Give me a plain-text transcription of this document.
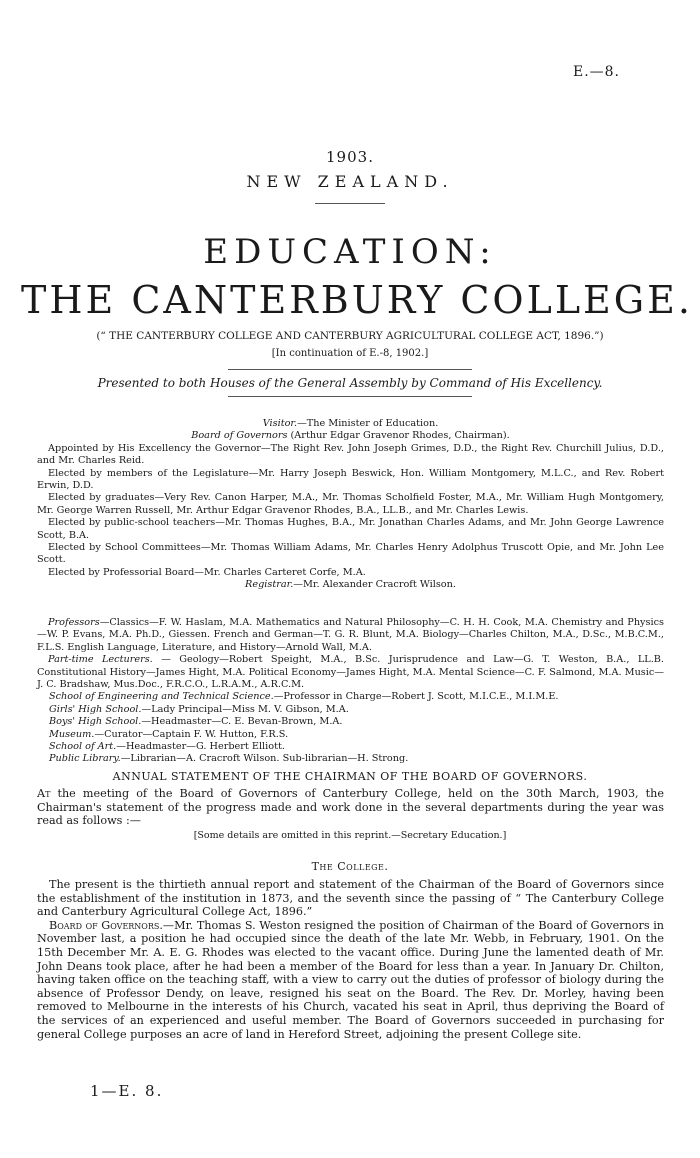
E.—8.
1903.
NEW ZEALAND.
EDUCATION:
THE CANTERBURY COLLEGE.
(“ THE CANTERBURY COLLEGE AND CANTERBURY AGRICULTURAL COLLEGE ACT, 1896.”)
[In continuation of E.-8, 1902.]
Presented to both Houses of the General Assembly by Command of His Excellency.

Visitor.—The Minister of Education.

Board of Governors (Arthur Edgar Gravenor Rhodes, Chairman).

Appointed by His Excellency the Governor—The Right Rev. John Joseph Grimes, D.D., the Right Rev. Churchill Julius, D.D., and Mr. Charles Reid.

Elected by members of the Legislature—Mr. Harry Joseph Beswick, Hon. William Montgomery, M.L.C., and Rev. Robert Erwin, D.D.

Elected by graduates—Very Rev. Canon Harper, M.A., Mr. Thomas Scholfield Foster, M.A., Mr. William Hugh Montgomery, Mr. George Warren Russell, Mr. Arthur Edgar Gravenor Rhodes, B.A., LL.B., and Mr. Charles Lewis.

Elected by public-school teachers—Mr. Thomas Hughes, B.A., Mr. Jonathan Charles Adams, and Mr. John George Lawrence Scott, B.A.

Elected by School Committees—Mr. Thomas William Adams, Mr. Charles Henry Adolphus Truscott Opie, and Mr. John Lee Scott.

Elected by Professorial Board—Mr. Charles Carteret Corfe, M.A.

Registrar.—Mr. Alexander Cracroft Wilson.

Professors—Classics—F. W. Haslam, M.A. Mathematics and Natural Philosophy—C. H. H. Cook, M.A. Chemistry and Physics—W. P. Evans, M.A. Ph.D., Giessen. French and German—T. G. R. Blunt, M.A. Biology—Charles Chilton, M.A., D.Sc., M.B.C.M., F.L.S. English Language, Literature, and History—Arnold Wall, M.A.

Part-time Lecturers. — Geology—Robert Speight, M.A., B.Sc. Jurisprudence and Law—G. T. Weston, B.A., LL.B. Constitutional History—James Hight, M.A. Political Economy—James Hight, M.A. Mental Science—C. F. Salmond, M.A. Music—J. C. Bradshaw, Mus.Doc., F.R.C.O., L.R.A.M., A.R.C.M.

School of Engineering and Technical Science.—Professor in Charge—Robert J. Scott, M.I.C.E., M.I.M.E.

Girls' High School.—Lady Principal—Miss M. V. Gibson, M.A.

Boys' High School.—Headmaster—C. E. Bevan-Brown, M.A.

Museum.—Curator—Captain F. W. Hutton, F.R.S.

School of Art.—Headmaster—G. Herbert Elliott.

Public Library.—Librarian—A. Cracroft Wilson. Sub-librarian—H. Strong.

ANNUAL STATEMENT OF THE CHAIRMAN OF THE BOARD OF GOVERNORS.

At the meeting of the Board of Governors of Canterbury College, held on the 30th March, 1903, the Chairman's statement of the progress made and work done in the several departments during the year was read as follows :—

[Some details are omitted in this reprint.—Secretary Education.]
The College.

The present is the thirtieth annual report and statement of the Chairman of the Board of Governors since the establishment of the institution in 1873, and the seventh since the passing of “ The Canterbury College and Canterbury Agricultural College Act, 1896.”

Board of Governors.—Mr. Thomas S. Weston resigned the position of Chairman of the Board of Governors in November last, a position he had occupied since the death of the late Mr. Webb, in February, 1901. On the 15th December Mr. A. E. G. Rhodes was elected to the vacant office. During June the lamented death of Mr. John Deans took place, after he had been a member of the Board for less than a year. In January Dr. Chilton, having taken office on the teaching staff, with a view to carry out the duties of professor of biology during the absence of Professor Dendy, on leave, resigned his seat on the Board. The Rev. Dr. Morley, having been removed to Melbourne in the interests of his Church, vacated his seat in April, thus depriving the Board of the services of an experienced and useful member. The Board of Governors succeeded in purchasing for general College purposes an acre of land in Hereford Street, adjoining the present College site.

1—E. 8.
